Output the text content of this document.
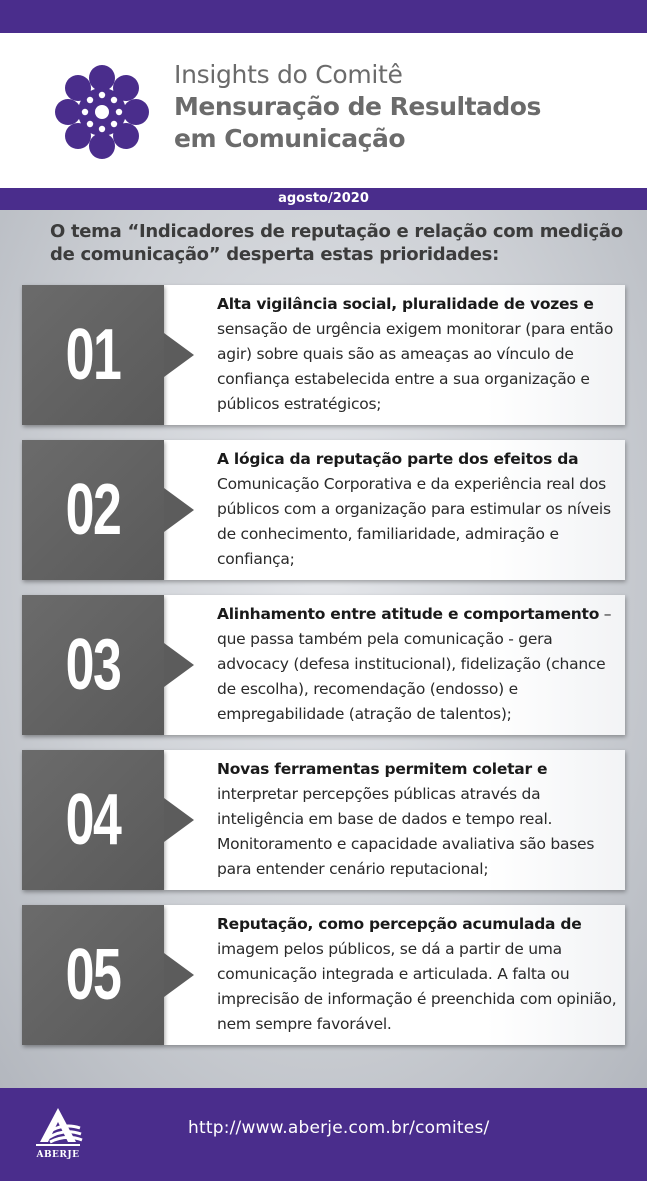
Insights do Comitê
Mensuração de Resultados
em Comunicação
agosto/2020
O tema “Indicadores de reputação e relação com medição de comunicação” desperta estas prioridades:
Alta vigilância social, pluralidade de vozes e sensação de urgência exigem monitorar (para então agir) sobre quais são as ameaças ao vínculo de confiança estabelecida entre a sua organização e públicos estratégicos;
01
A lógica da reputação parte dos efeitos da Comunicação Corporativa e da experiência real dos públicos com a organização para estimular os níveis de conhecimento, familiaridade, admiração e confiança;
02
Alinhamento entre atitude e comportamento – que passa também pela comunicação - gera advocacy (defesa institucional), fidelização (chance de escolha), recomendação (endosso) e empregabilidade (atração de talentos);
03
Novas ferramentas permitem coletar e interpretar percepções públicas através da inteligência em base de dados e tempo real. Monitoramento e capacidade avaliativa são bases para entender cenário reputacional;
04
Reputação, como percepção acumulada de imagem pelos públicos, se dá a partir de uma comunicação integrada e articulada. A falta ou imprecisão de informação é preenchida com opinião, nem sempre favorável.
05
ABERJE
http://www.aberje.com.br/comites/
